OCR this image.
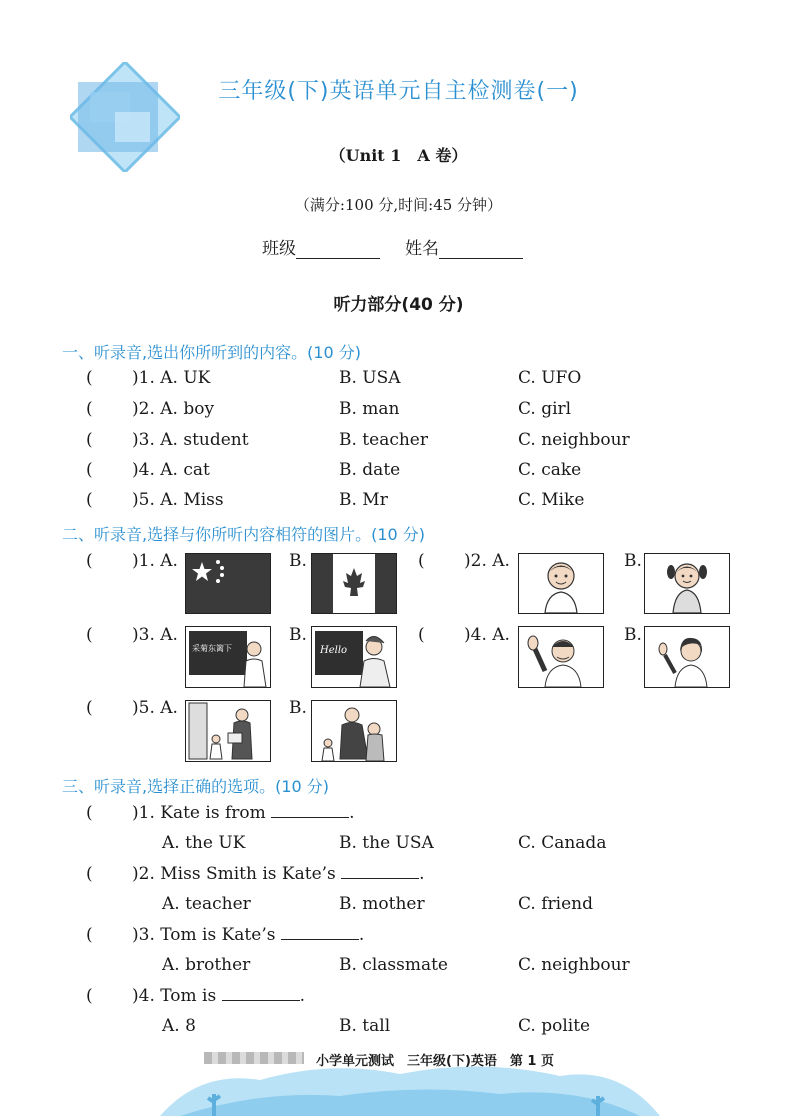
三年级(下)英语单元自主检测卷(一)
（Unit 1　A 卷）
（满分:100 分,时间:45 分钟）
班级	姓名
听力部分(40 分)
一、听录音,选出你所听到的内容。(10 分)
( )1. A. UK	B. USA	C. UFO
( )2. A. boy	B. man	C. girl
( )3. A. student	B. teacher	C. neighbour
( )4. A. cat	B. date	C. cake
( )5. A. Miss	B. Mr	C. Mike
二、听录音,选择与你所听内容相符的图片。(10 分)
( )1. A.	B.	( )2. A.	B.
( )3. A.
采菊东篱下
B.
Hello
( )4. A.	B.
( )5. A.	B.
三、听录音,选择正确的选项。(10 分)
( )1. Kate is from	.
A. the UK	B. the USA	C. Canada
( )2. Miss Smith is Kate’s	.
A. teacher	B. mother	C. friend
( )3. Tom is Kate’s	.
A. brother	B. classmate	C. neighbour
( )4. Tom is	.
A. 8	B. tall	C. polite
小学单元测试　三年级(下)英语　第 1 页
